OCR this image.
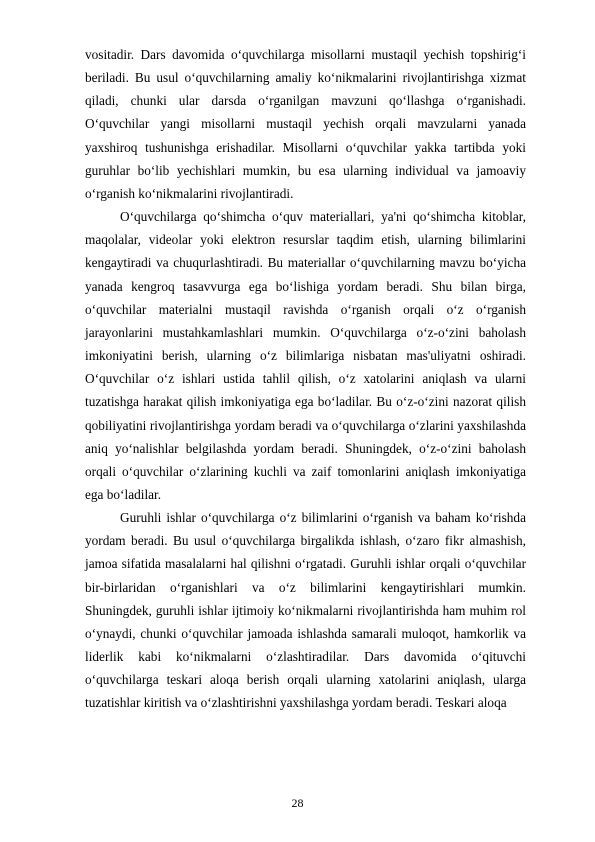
vositadir. Dars davomida o‘quvchilarga misollarni mustaqil yechish topshirig‘i beriladi. Bu usul o‘quvchilarning amaliy ko‘nikmalarini rivojlantirishga xizmat qiladi, chunki ular darsda o‘rganilgan mavzuni qo‘llashga o‘rganishadi. O‘quvchilar yangi misollarni mustaqil yechish orqali mavzularni yanada yaxshiroq tushunishga erishadilar. Misollarni o‘quvchilar yakka tartibda yoki guruhlar bo‘lib yechishlari mumkin, bu esa ularning individual va jamoaviy o‘rganish ko‘nikmalarini rivojlantiradi.

O‘quvchilarga qo‘shimcha o‘quv materiallari, ya'ni qo‘shimcha kitoblar, maqolalar, videolar yoki elektron resurslar taqdim etish, ularning bilimlarini kengaytiradi va chuqurlashtiradi. Bu materiallar o‘quvchilarning mavzu bo‘yicha yanada kengroq tasavvurga ega bo‘lishiga yordam beradi. Shu bilan birga, o‘quvchilar materialni mustaqil ravishda o‘rganish orqali o‘z o‘rganish jarayonlarini mustahkamlashlari mumkin. O‘quvchilarga o‘z-o‘zini baholash imkoniyatini berish, ularning o‘z bilimlariga nisbatan mas'uliyatni oshiradi. O‘quvchilar o‘z ishlari ustida tahlil qilish, o‘z xatolarini aniqlash va ularni tuzatishga harakat qilish imkoniyatiga ega bo‘ladilar. Bu o‘z-o‘zini nazorat qilish qobiliyatini rivojlantirishga yordam beradi va o‘quvchilarga o‘zlarini yaxshilashda aniq yo‘nalishlar belgilashda yordam beradi. Shuningdek, o‘z-o‘zini baholash orqali o‘quvchilar o‘zlarining kuchli va zaif tomonlarini aniqlash imkoniyatiga ega bo‘ladilar.

Guruhli ishlar o‘quvchilarga o‘z bilimlarini o‘rganish va baham ko‘rishda yordam beradi. Bu usul o‘quvchilarga birgalikda ishlash, o‘zaro fikr almashish, jamoa sifatida masalalarni hal qilishni o‘rgatadi. Guruhli ishlar orqali o‘quvchilar bir-birlaridan o‘rganishlari va o‘z bilimlarini kengaytirishlari mumkin. Shuningdek, guruhli ishlar ijtimoiy ko‘nikmalarni rivojlantirishda ham muhim rol o‘ynaydi, chunki o‘quvchilar jamoada ishlashda samarali muloqot, hamkorlik va liderlik kabi ko‘nikmalarni o‘zlashtiradilar. Dars davomida o‘qituvchi o‘quvchilarga teskari aloqa berish orqali ularning xatolarini aniqlash, ularga tuzatishlar kiritish va o‘zlashtirishni yaxshilashga yordam beradi. Teskari aloqa

28
